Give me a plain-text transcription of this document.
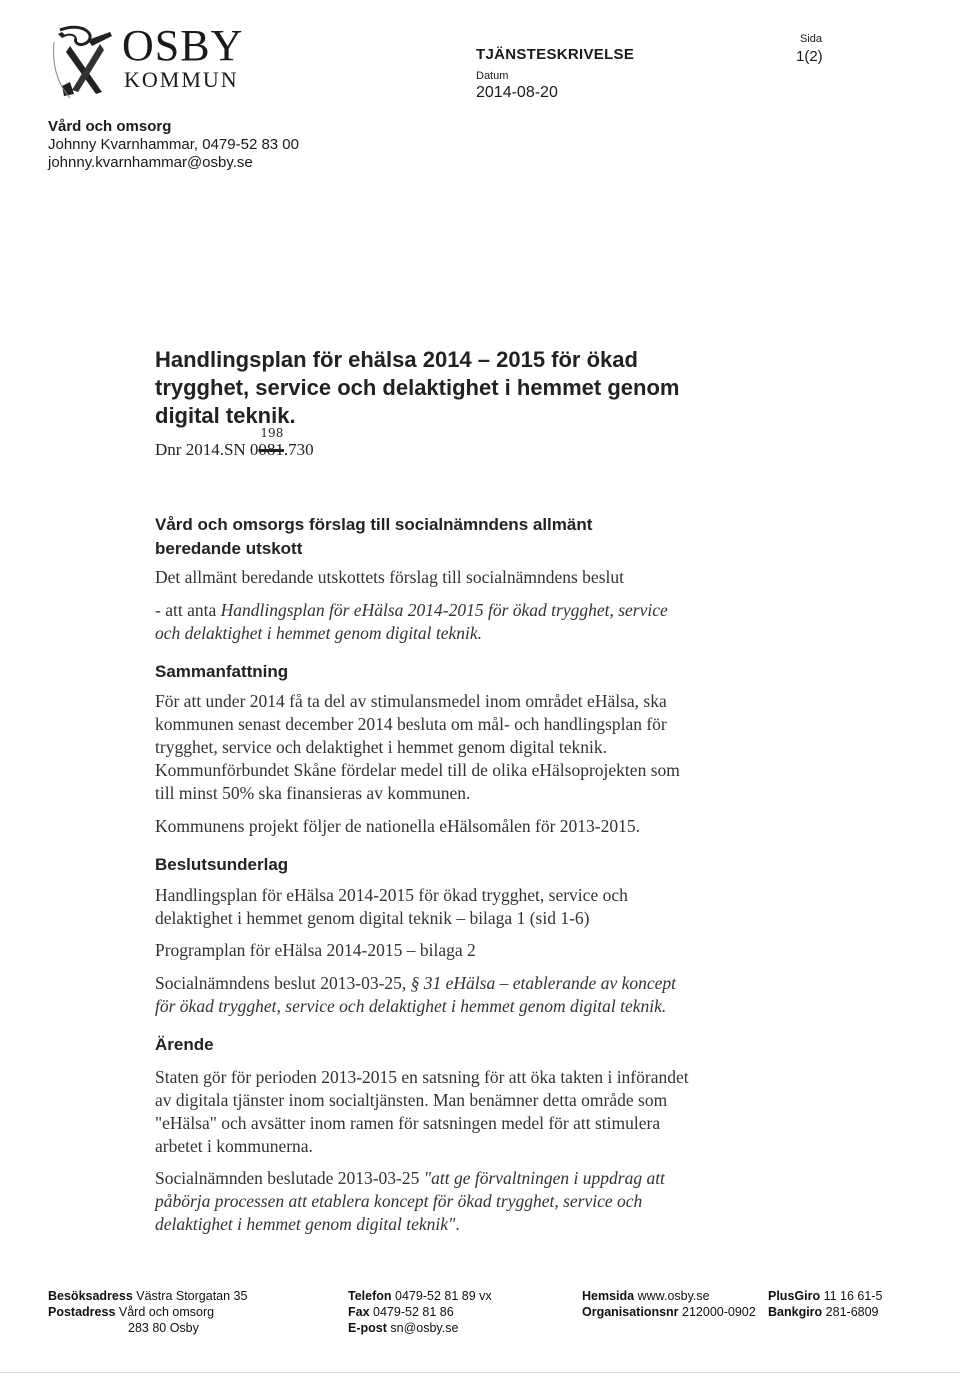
OSBY
KOMMUN
TJÄNSTESKRIVELSE
Datum
2014-08-20
Sida
1(2)
Vård och omsorg
Johnny Kvarnhammar, 0479-52 83 00
johnny.kvarnhammar@osby.se
Handlingsplan för ehälsa 2014 – 2015 för ökad
trygghet, service och delaktighet i hemmet genom
digital teknik.
Dnr 2014.SN 0081
198
.730
Vård och omsorgs förslag till socialnämndens allmänt
beredande utskott
Det allmänt beredande utskottets förslag till socialnämndens beslut
- att anta Handlingsplan för eHälsa 2014-2015 för ökad trygghet, service
och delaktighet i hemmet genom digital teknik.
Sammanfattning
För att under 2014 få ta del av stimulansmedel inom området eHälsa, ska
kommunen senast december 2014 besluta om mål- och handlingsplan för
trygghet, service och delaktighet i hemmet genom digital teknik.
Kommunförbundet Skåne fördelar medel till de olika eHälsoprojekten som
till minst 50% ska finansieras av kommunen.
Kommunens projekt följer de nationella eHälsomålen för 2013-2015.
Beslutsunderlag
Handlingsplan för eHälsa 2014-2015 för ökad trygghet, service och
delaktighet i hemmet genom digital teknik – bilaga 1 (sid 1-6)
Programplan för eHälsa 2014-2015 – bilaga 2
Socialnämndens beslut 2013-03-25, § 31 eHälsa – etablerande av koncept
för ökad trygghet, service och delaktighet i hemmet genom digital teknik.
Ärende
Staten gör för perioden 2013-2015 en satsning för att öka takten i införandet
av digitala tjänster inom socialtjänsten. Man benämner detta område som
"eHälsa" och avsätter inom ramen för satsningen medel för att stimulera
arbetet i kommunerna.
Socialnämnden beslutade 2013-03-25 "att ge förvaltningen i uppdrag att
påbörja processen att etablera koncept för ökad trygghet, service och
delaktighet i hemmet genom digital teknik".
Besöksadress Västra Storgatan 35
Postadress Vård och omsorg
283 80 Osby
Telefon 0479-52 81 89 vx
Fax 0479-52 81 86
E-post sn@osby.se
Hemsida www.osby.se
Organisationsnr 212000-0902
PlusGiro 11 16 61-5
Bankgiro 281-6809
